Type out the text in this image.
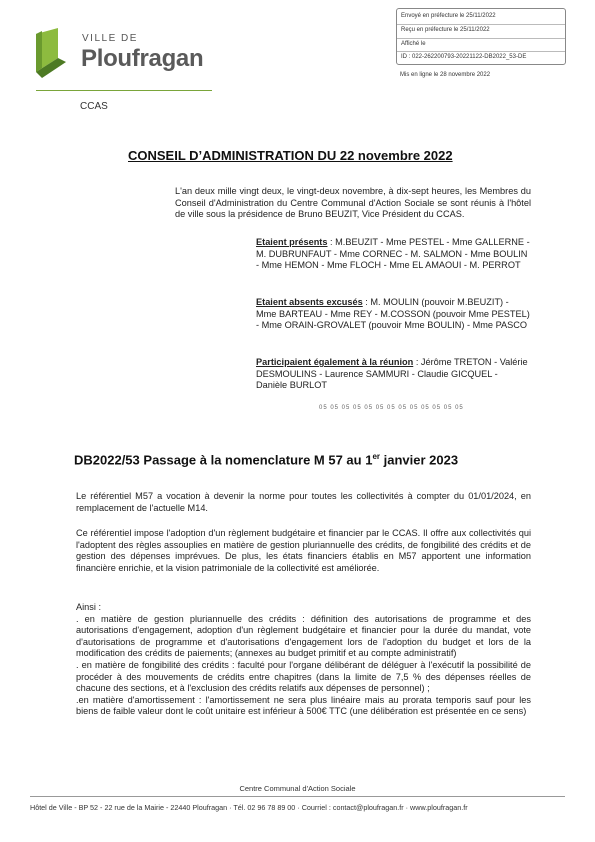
VILLE DE
Ploufragan
CCAS
Envoyé en préfecture le 25/11/2022
Reçu en préfecture le 25/11/2022
Affiché le
ID : 022-262200793-20221122-DB2022_53-DE
Mis en ligne le 28 novembre 2022
CONSEIL D’ADMINISTRATION DU 22 novembre 2022
L'an deux mille vingt deux, le vingt-deux novembre, à dix-sept heures, les Membres du Conseil d'Administration du Centre Communal d'Action Sociale se sont réunis à l'hôtel de ville sous la présidence de Bruno BEUZIT, Vice Président du CCAS.
Etaient présents : M.BEUZIT - Mme PESTEL - Mme GALLERNE - M. DUBRUNFAUT - Mme CORNEC - M. SALMON - Mme BOULIN - Mme HEMON - Mme FLOCH - Mme EL AMAOUI - M. PERROT
Etaient absents excusés : M. MOULIN (pouvoir M.BEUZIT) - Mme BARTEAU - Mme REY - M.COSSON (pouvoir Mme PESTEL) - Mme ORAIN-GROVALET (pouvoir Mme BOULIN) - Mme PASCO
Participaient également à la réunion : Jérôme TRETON - Valérie DESMOULINS - Laurence SAMMURI - Claudie GICQUEL - Danièle BURLOT
05 05 05 05 05 05 05 05 05 05 05 05 05
DB2022/53 Passage à la nomenclature M 57 au 1er janvier 2023
Le référentiel M57 a vocation à devenir la norme pour toutes les collectivités à compter du 01/01/2024, en remplacement de l'actuelle M14.
Ce référentiel impose l'adoption d'un règlement budgétaire et financier par le CCAS. Il offre aux collectivités qui l'adoptent des règles assouplies en matière de gestion pluriannuelle des crédits, de fongibilité des crédits et de gestion des dépenses imprévues. De plus, les états financiers établis en M57 apportent une information financière enrichie, et la vision patrimoniale de la collectivité est améliorée.
Ainsi :
. en matière de gestion pluriannuelle des crédits : définition des autorisations de programme et des autorisations d'engagement, adoption d'un règlement budgétaire et financier pour la durée du mandat, vote d'autorisations de programme et d'autorisations d'engagement lors de l'adoption du budget et lors de la modification des crédits de paiements; (annexes au budget primitif et au compte administratif)
. en matière de fongibilité des crédits : faculté pour l'organe délibérant de déléguer à l'exécutif la possibilité de procéder à des mouvements de crédits entre chapitres (dans la limite de 7,5 % des dépenses réelles de chacune des sections, et à l'exclusion des crédits relatifs aux dépenses de personnel) ;
.en matière d'amortissement : l'amortissement ne sera plus linéaire mais au prorata temporis sauf pour les biens de faible valeur dont le coût unitaire est inférieur à 500€ TTC (une délibération est présentée en ce sens)
Centre Communal d'Action Sociale
Hôtel de Ville - BP 52 - 22 rue de la Mairie - 22440 Ploufragan · Tél. 02 96 78 89 00 · Courriel : contact@ploufragan.fr · www.ploufragan.fr
